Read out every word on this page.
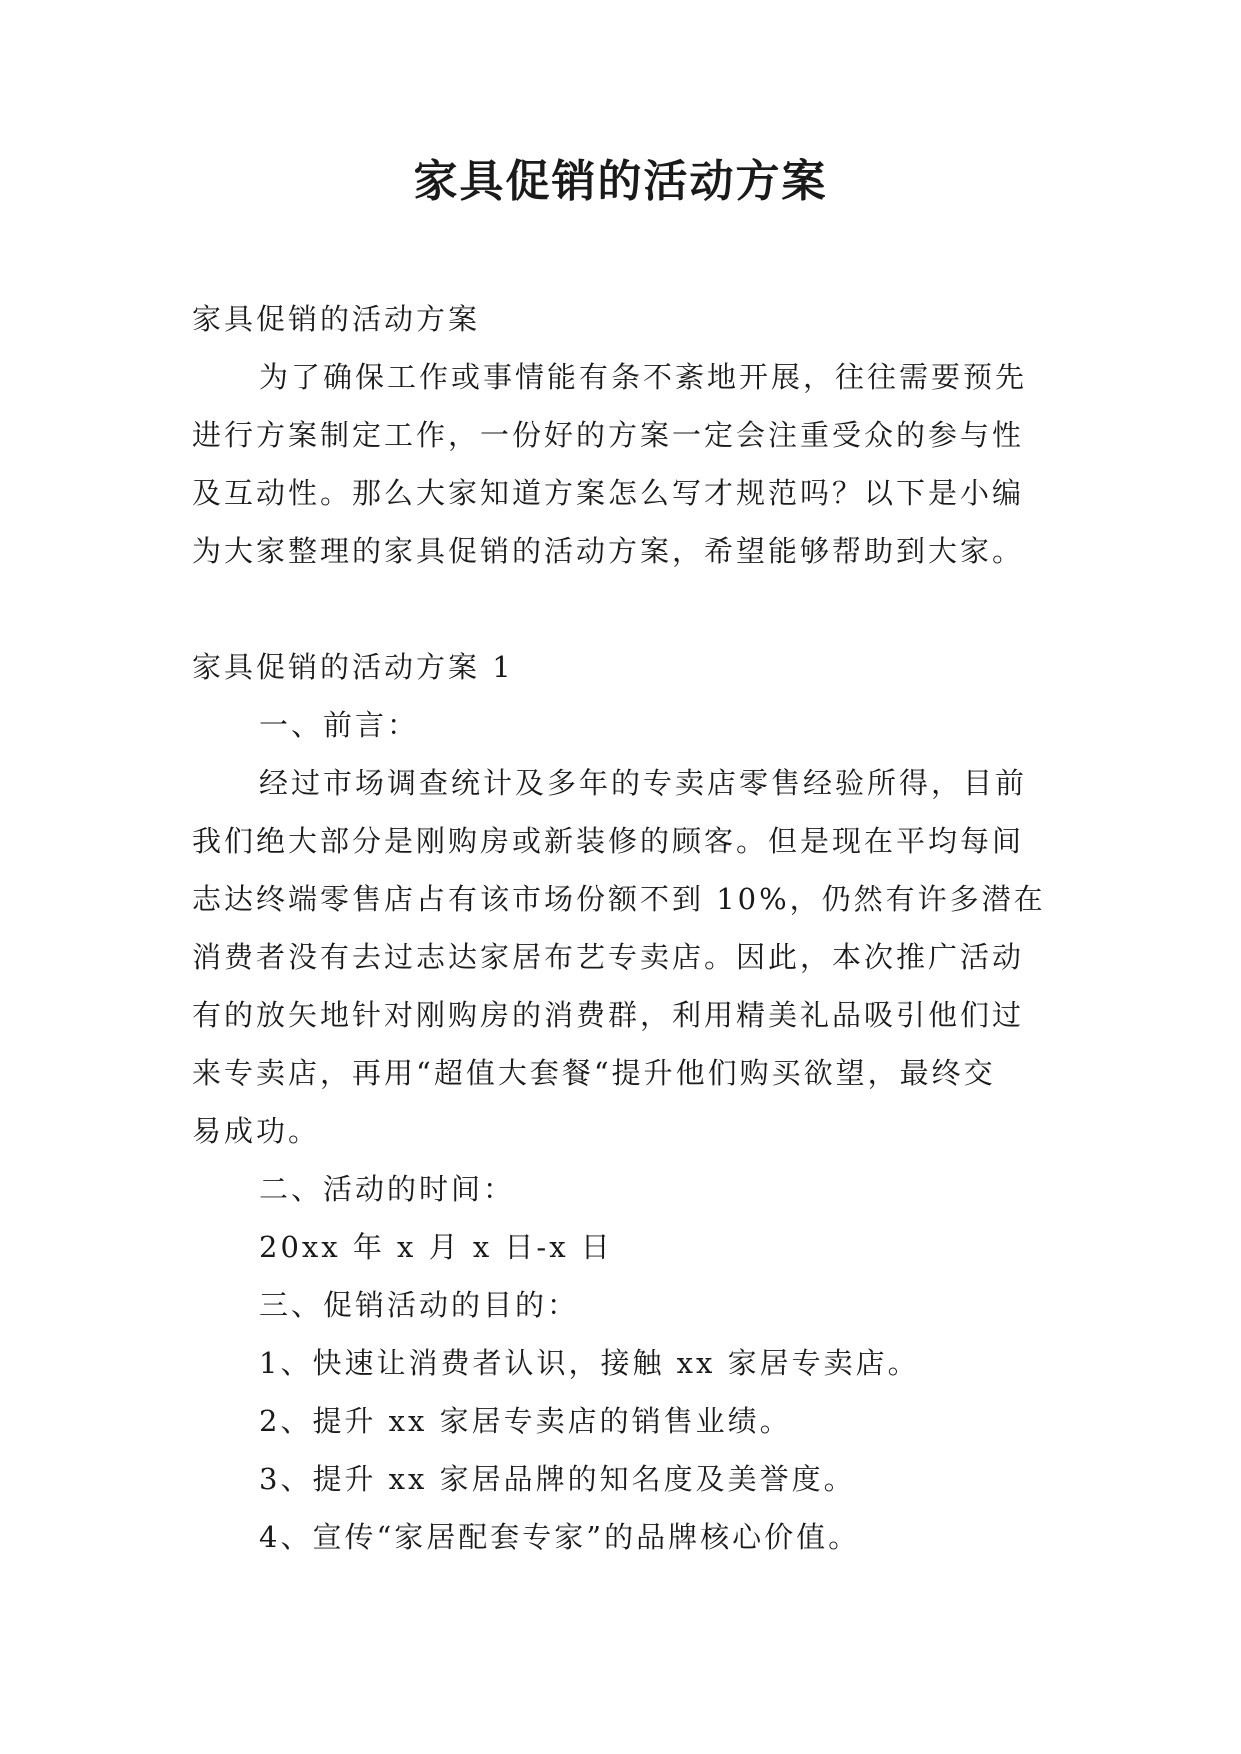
家具促销的活动方案
家具促销的活动方案
为了确保工作或事情能有条不紊地开展，往往需要预先
进行方案制定工作，一份好的方案一定会注重受众的参与性
及互动性。那么大家知道方案怎么写才规范吗？以下是小编
为大家整理的家具促销的活动方案，希望能够帮助到大家。
家具促销的活动方案 1
一、前言：
经过市场调查统计及多年的专卖店零售经验所得，目前
我们绝大部分是刚购房或新装修的顾客。但是现在平均每间
志达终端零售店占有该市场份额不到 10%，仍然有许多潜在
消费者没有去过志达家居布艺专卖店。因此，本次推广活动
有的放矢地针对刚购房的消费群，利用精美礼品吸引他们过
来专卖店，再用“超值大套餐“提升他们购买欲望，最终交
易成功。
二、活动的时间：
20xx 年 x 月 x 日-x 日
三、促销活动的目的：
1、快速让消费者认识，接触 xx 家居专卖店。
2、提升 xx 家居专卖店的销售业绩。
3、提升 xx 家居品牌的知名度及美誉度。
4、宣传“家居配套专家”的品牌核心价值。
